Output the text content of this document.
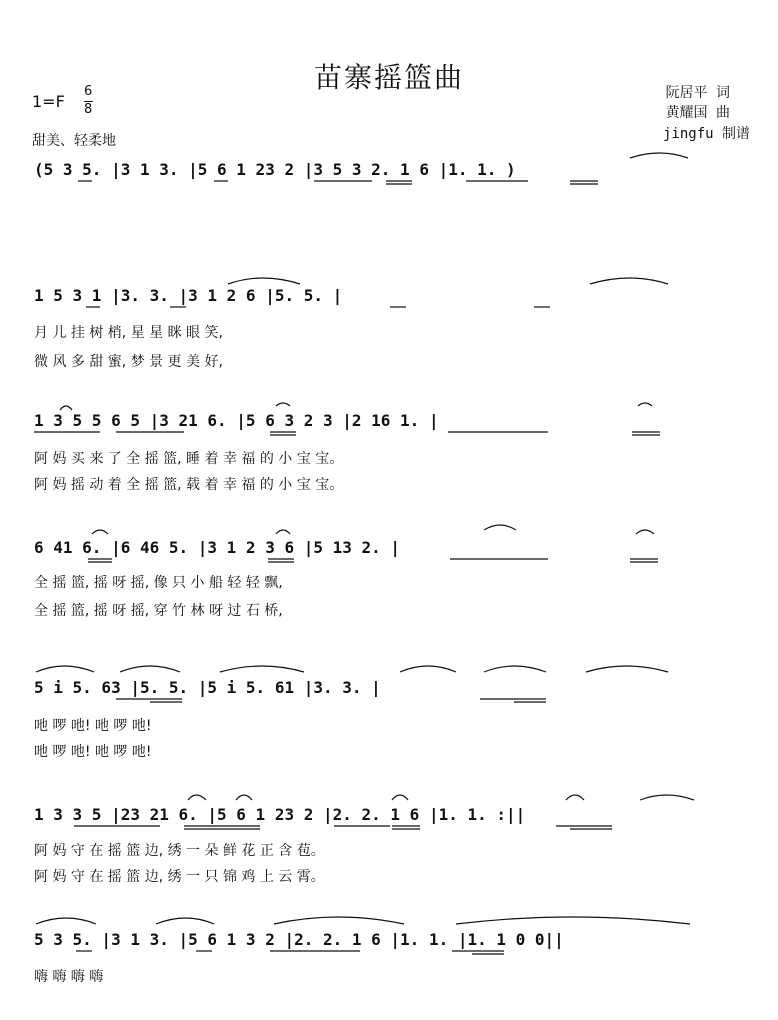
苗寨摇篮曲
1=F
6
8
甜美、轻柔地
阮居平 词
黄耀国 曲
jingfu 制谱
(5 3 5. |3 1 3. |5 6 1 23 2 |3 5 3 2. 1 6 |1. 1. )
1 5 3 1 |3. 3. |3 1 2 6 |5. 5. |
月 儿 挂 树 梢, 星 星 眯 眼 笑,
微 风 多 甜 蜜, 梦 景 更 美 好,
1 3 5 5 6 5 |3 21 6. |5 6 3 2 3 |2 16 1. |
阿 妈 买 来 了 全 摇 篮, 睡 着 幸 福 的 小 宝 宝。
阿 妈 摇 动 着 全 摇 篮, 载 着 幸 福 的 小 宝 宝。
6 41 6. |6 46 5. |3 1 2 3 6 |5 13 2. |
全 摇 篮, 摇 呀 摇, 像 只 小 船 轻 轻 飘,
全 摇 篮, 摇 呀 摇, 穿 竹 林 呀 过 石 桥,
5 i 5. 63 |5. 5. |5 i 5. 61 |3. 3. |
吔 啰 吔! 吔 啰 吔!
吔 啰 吔! 吔 啰 吔!
1 3 3 5 |23 21 6. |5 6 1 23 2 |2. 2. 1 6 |1. 1. :||
阿 妈 守 在 摇 篮 边, 绣 一 朵 鲜 花 正 含 苞。
阿 妈 守 在 摇 篮 边, 绣 一 只 锦 鸡 上 云 霄。
5 3 5. |3 1 3. |5 6 1 3 2 |2. 2. 1 6 |1. 1. |1. 1 0 0||
嗨 嗨 嗨 嗨
